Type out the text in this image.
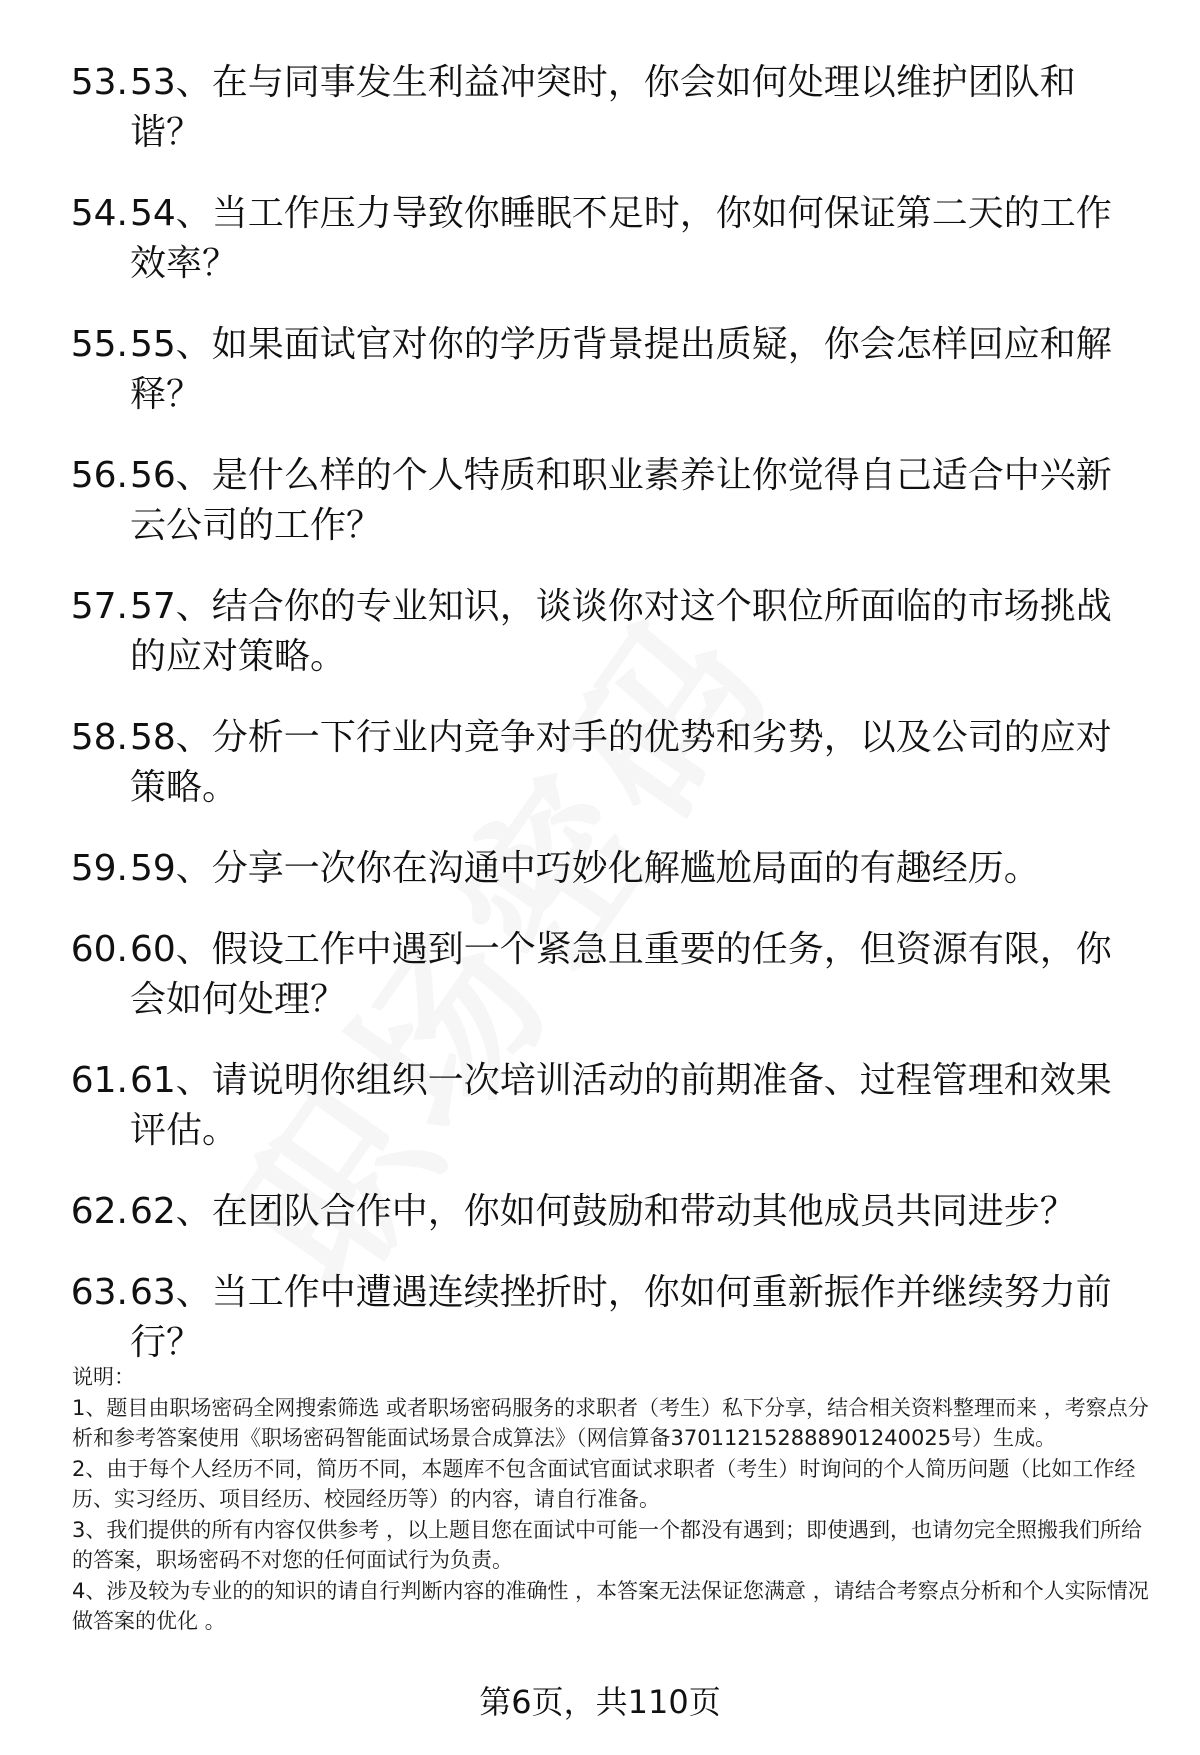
53. 53、在与同事发生利益冲突时，你会如何处理以维护团队和谐？
54. 54、当工作压力导致你睡眠不足时，你如何保证第二天的工作效率？
55. 55、如果面试官对你的学历背景提出质疑，你会怎样回应和解释？
56. 56、是什么样的个人特质和职业素养让你觉得自己适合中兴新云公司的工作？
57. 57、结合你的专业知识，谈谈你对这个职位所面临的市场挑战的应对策略。
58. 58、分析一下行业内竞争对手的优势和劣势，以及公司的应对策略。
59. 59、分享一次你在沟通中巧妙化解尴尬局面的有趣经历。
60. 60、假设工作中遇到一个紧急且重要的任务，但资源有限，你会如何处理？
61. 61、请说明你组织一次培训活动的前期准备、过程管理和效果评估。
62. 62、在团队合作中，你如何鼓励和带动其他成员共同进步？
63. 63、当工作中遭遇连续挫折时，你如何重新振作并继续努力前行？

说明：

1、题目由职场密码全网搜索筛选 或者职场密码服务的求职者（考生）私下分享，结合相关资料整理而来 ，考察点分析和参考答案使用《职场密码智能面试场景合成算法》（网信算备370112152888901240025号）生成。

2、由于每个人经历不同，简历不同，本题库不包含面试官面试求职者（考生）时询问的个人简历问题（比如工作经历、实习经历、项目经历、校园经历等）的内容，请自行准备。

3、我们提供的所有内容仅供参考 ，以上题目您在面试中可能一个都没有遇到；即使遇到，也请勿完全照搬我们所给的答案，职场密码不对您的任何面试行为负责。

4、涉及较为专业的的知识的请自行判断内容的准确性 ，本答案无法保证您满意 ，请结合考察点分析和个人实际情况做答案的优化 。

第6页，共110页
